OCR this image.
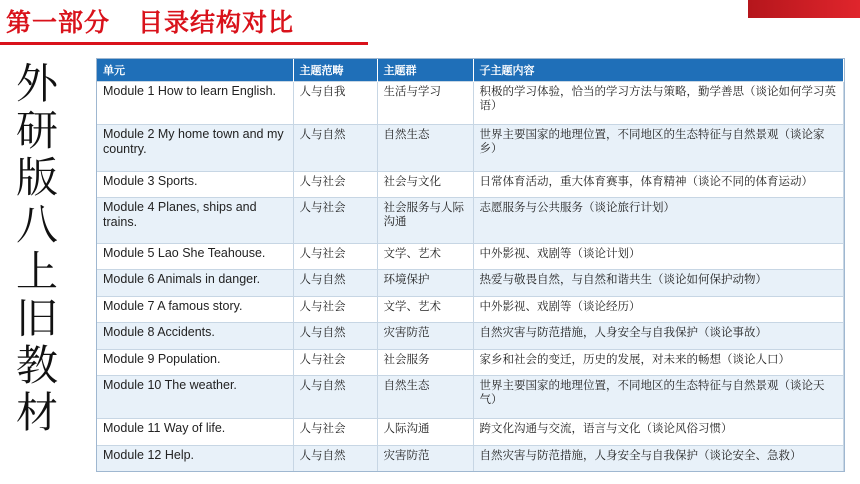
第一部分 目录结构对比
外
研
版
八
上
旧
教
材
单元	主题范畴	主题群	子主题内容
Module 1 How to learn English.	人与自我	生活与学习	积极的学习体验，恰当的学习方法与策略，勤学善思（谈论如何学习英语）
Module 2 My home town and my country.	人与自然	自然生态	世界主要国家的地理位置，不同地区的生态特征与自然景观（谈论家乡）
Module 3 Sports.	人与社会	社会与文化	日常体育活动，重大体育赛事，体育精神（谈论不同的体育运动）
Module 4 Planes, ships and trains.	人与社会	社会服务与人际沟通	志愿服务与公共服务（谈论旅行计划）
Module 5 Lao She Teahouse.	人与社会	文学、艺术	中外影视、戏剧等（谈论计划）
Module 6 Animals in danger.	人与自然	环境保护	热爱与敬畏自然，与自然和谐共生（谈论如何保护动物）
Module 7 A famous story.	人与社会	文学、艺术	中外影视、戏剧等（谈论经历）
Module 8 Accidents.	人与自然	灾害防范	自然灾害与防范措施，人身安全与自我保护（谈论事故）
Module 9 Population.	人与社会	社会服务	家乡和社会的变迁，历史的发展，对未来的畅想（谈论人口）
Module 10 The weather.	人与自然	自然生态	世界主要国家的地理位置，不同地区的生态特征与自然景观（谈论天气）
Module 11 Way of life.	人与社会	人际沟通	跨文化沟通与交流，语言与文化（谈论风俗习惯）
Module 12 Help.	人与自然	灾害防范	自然灾害与防范措施，人身安全与自我保护（谈论安全、急救）
